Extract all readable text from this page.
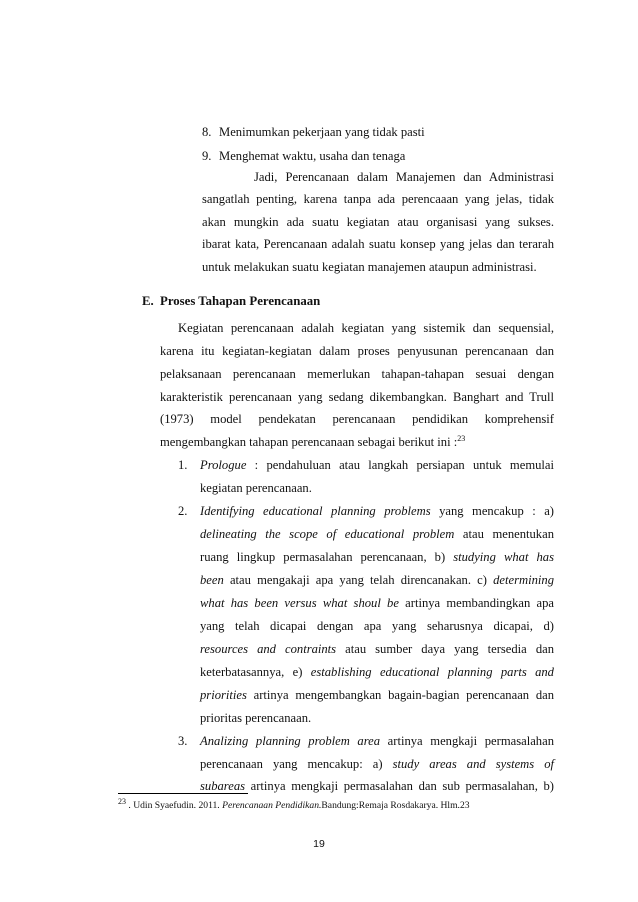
8. Menimumkan pekerjaan yang tidak pasti
9. Menghemat waktu, usaha dan tenaga
Jadi, Perencanaan dalam Manajemen dan Administrasi
sangatlah penting, karena tanpa ada perencaaan yang jelas, tidak
akan mungkin ada suatu kegiatan atau organisasi yang sukses.
ibarat kata, Perencanaan adalah suatu konsep yang jelas dan terarah
untuk melakukan suatu kegiatan manajemen ataupun administrasi.
E. Proses Tahapan Perencanaan
Kegiatan perencanaan adalah kegiatan yang sistemik dan sequensial,
karena itu kegiatan-kegiatan dalam proses penyusunan perencanaan dan
pelaksanaan perencanaan memerlukan tahapan-tahapan sesuai dengan
karakteristik perencanaan yang sedang dikembangkan. Banghart and Trull
(1973) model pendekatan perencanaan pendidikan komprehensif
mengembangkan tahapan perencanaan sebagai berikut ini :$^{23}$
1. Prologue : pendahuluan atau langkah persiapan untuk memulai
kegiatan perencanaan.
2. Identifying educational planning problems yang mencakup : a)
delineating the scope of educational problem atau menentukan
ruang lingkup permasalahan perencanaan, b) studying what has
been atau mengakaji apa yang telah direncanakan. c) determining
what has been versus what shoul be artinya membandingkan apa
yang telah dicapai dengan apa yang seharusnya dicapai, d)
resources and contraints atau sumber daya yang tersedia dan
keterbatasannya, e) establishing educational planning parts and
priorities artinya mengembangkan bagain-bagian perencanaan dan
prioritas perencanaan.
3. Analizing planning problem area artinya mengkaji permasalahan
perencanaan yang mencakup: a) study areas and systems of
subareas artinya mengkaji permasalahan dan sub permasalahan, b)
$^{23}$ . Udin Syaefudin. 2011. Perencanaan Pendidikan.Bandung:Remaja Rosdakarya. Hlm.23
19
